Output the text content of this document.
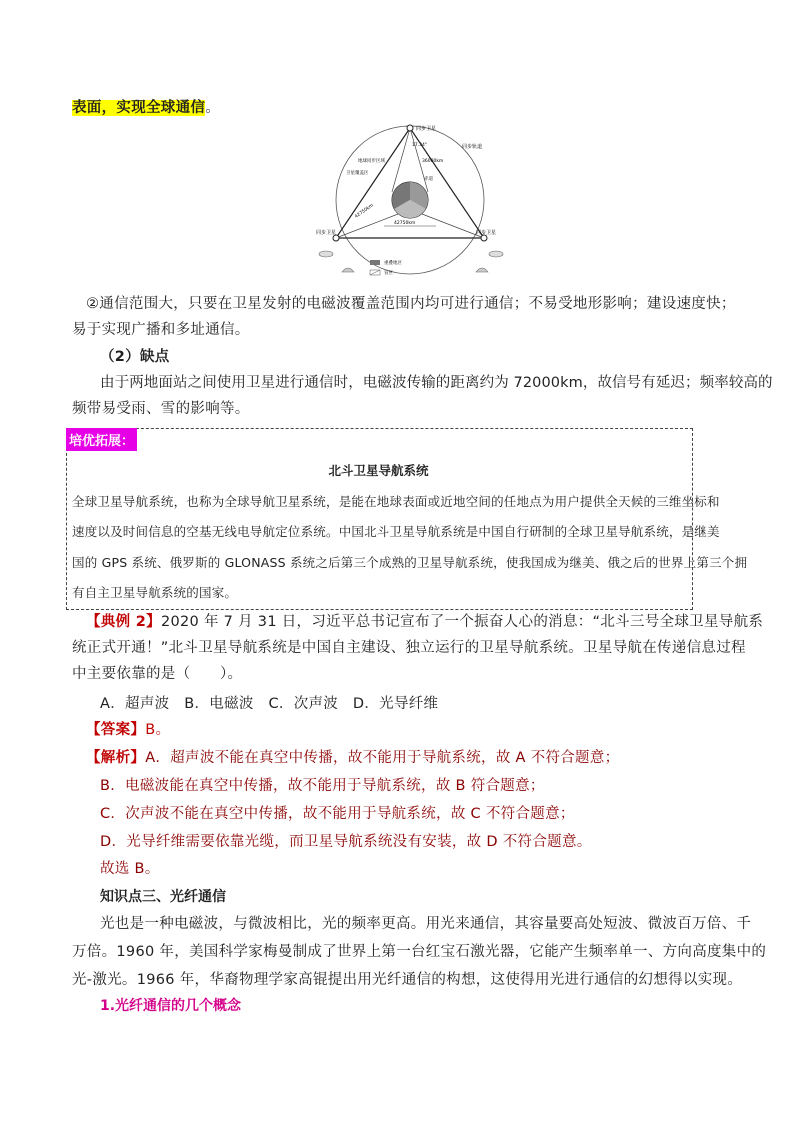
表面，实现全球通信。
同步卫星
同步卫星	同步卫星
同步轨道
17.34°
36000km
42750km
42750km
赤道
地球同步区域
卫星覆盖区
重叠地区
盲区
②通信范围大，只要在卫星发射的电磁波覆盖范围内均可进行通信；不易受地形影响；建设速度快；
易于实现广播和多址通信。
（2）缺点
由于两地面站之间使用卫星进行通信时，电磁波传输的距离约为 72000km，故信号有延迟；频率较高的
频带易受雨、雪的影响等。
培优拓展：
北斗卫星导航系统
全球卫星导航系统，也称为全球导航卫星系统，是能在地球表面或近地空间的任地点为用户提供全天候的三维坐标和
速度以及时间信息的空基无线电导航定位系统。中国北斗卫星导航系统是中国自行研制的全球卫星导航系统，是继美
国的 GPS 系统、俄罗斯的 GLONASS 系统之后第三个成熟的卫星导航系统，使我国成为继美、俄之后的世界上第三个拥
有自主卫星导航系统的国家。
【典例 2】2020 年 7 月 31 日，习近平总书记宣布了一个振奋人心的消息：“北斗三号全球卫星导航系
统正式开通！”北斗卫星导航系统是中国自主建设、独立运行的卫星导航系统。卫星导航在传递信息过程
中主要依靠的是（　　）。
A．超声波　B．电磁波　C．次声波　D．光导纤维
【答案】B。
【解析】A．超声波不能在真空中传播，故不能用于导航系统，故 A 不符合题意；
B．电磁波能在真空中传播，故不能用于导航系统，故 B 符合题意；
C．次声波不能在真空中传播，故不能用于导航系统，故 C 不符合题意；
D．光导纤维需要依靠光缆，而卫星导航系统没有安装，故 D 不符合题意。
故选 B。
知识点三、光纤通信
光也是一种电磁波，与微波相比，光的频率更高。用光来通信，其容量要高处短波、微波百万倍、千
万倍。1960 年，美国科学家梅曼制成了世界上第一台红宝石激光器，它能产生频率单一、方向高度集中的
光-激光。1966 年，华裔物理学家高锟提出用光纤通信的构想，这使得用光进行通信的幻想得以实现。
1.光纤通信的几个概念
